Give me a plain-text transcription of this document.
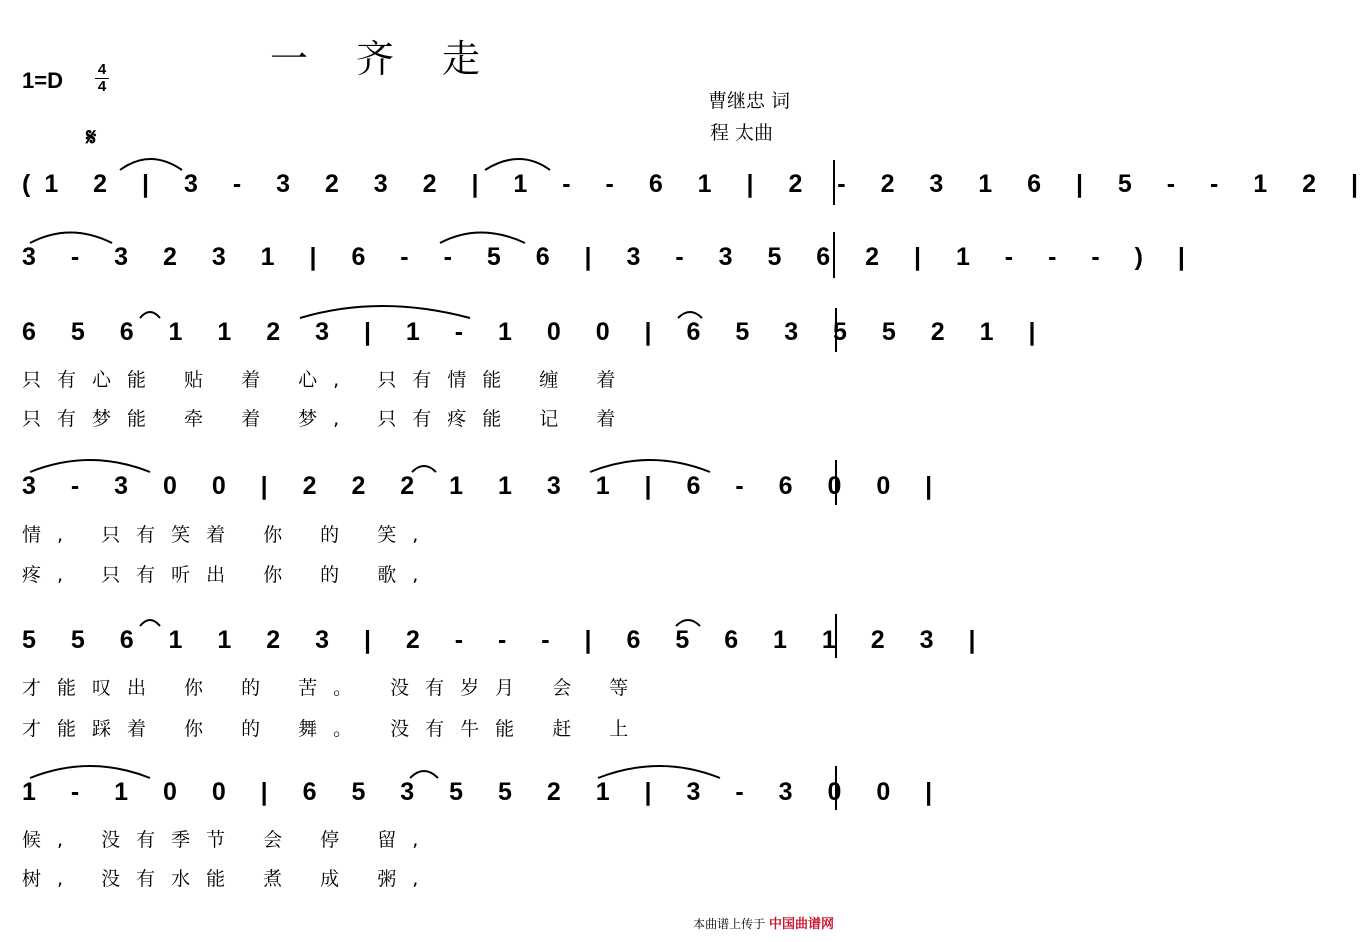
一齐走
1=D 4
4
曹继忠 词
程 太曲
𝄋
(1 2 | 3 - 3 2 3 2 | 1 - - 6 1 | 2 - 2 3 1 6 | 5 - - 1 2 |
3 - 3 2 3 1 | 6 - - 5 6 | 3 - 3 5 6 2 | 1 - - - ) |
6 5 6 1 1 2 3 | 1 - 1 0 0 | 6 5 3 5 5 2 1 |
只有心能 贴 着 心, 只有情能 缠 着
只有梦能 牵 着 梦, 只有疼能 记 着
3 - 3 0 0 | 2 2 2 1 1 3 1 | 6 - 6 0 0 |
情, 只有笑着 你 的 笑,
疼, 只有听出 你 的 歌,
5 5 6 1 1 2 3 | 2 - - - | 6 5 6 1 1 2 3 |
才能叹出 你 的 苦。 没有岁月 会 等
才能踩着 你 的 舞。 没有牛能 赶 上
1 - 1 0 0 | 6 5 3 5 5 2 1 | 3 - 3 0 0 |
候, 没有季节 会 停 留,
树, 没有水能 煮 成 粥,
本曲谱上传于 中国曲谱网
